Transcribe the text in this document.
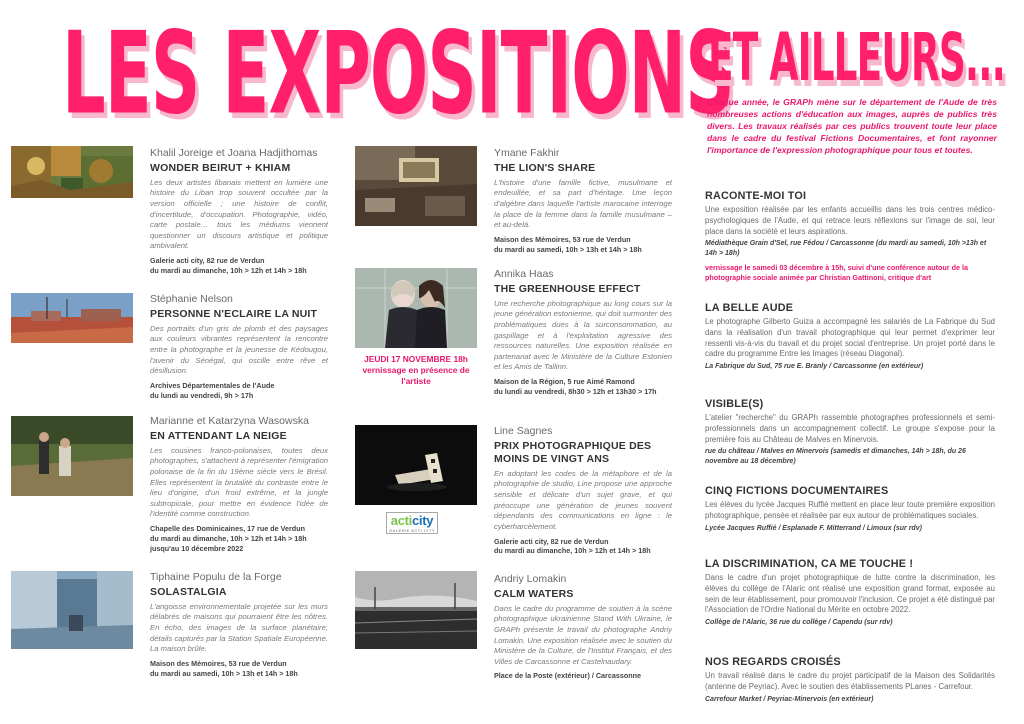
LES EXPOSITIONS
ET AILLEURS...
Chaque année, le GRAPh mène sur le département de l'Aude de très nombreuses actions d'éducation aux images, auprès de publics très divers. Les travaux réalisés par ces publics trouvent toute leur place dans le cadre du festival Fictions Documentaires, et font rayonner l'importance de l'expression photographique pour tous et toutes.
Khalil Joreige et Joana Hadjithomas
WONDER BEIRUT + KHIAM
Les deux artistes libanais mettent en lumière une histoire du Liban trop souvent occultée par la version officielle ; une histoire de conflit, d'incertitude, d'occupation. Photographie, vidéo, carte postale… tous les médiums viennent questionner un discours artistique et politique ambivalent.
Galerie acti city, 82 rue de Verdun
du mardi au dimanche, 10h > 12h et 14h > 18h
Stéphanie Nelson
PERSONNE N'ECLAIRE LA NUIT
Des portraits d'un gris de plomb et des paysages aux couleurs vibrantes représentent la rencontre entre la photographe et la jeunesse de Kédougou, l'avenir du Sénégal, qui oscille entre rêve et désillusion.
Archives Départementales de l'Aude
du lundi au vendredi, 9h > 17h
Marianne et Katarzyna Wasowska
EN ATTENDANT LA NEIGE
Les cousines franco-polonaises, toutes deux photographes, s'attachent à représenter l'émigration polonaise de la fin du 19ème siècle vers le Brésil. Elles représentent la brutalité du contraste entre le lieu d'origine, d'un froid extrême, et la jungle subtropicale, pour mettre en évidence l'idée de l'identité comme construction.
Chapelle des Dominicaines, 17 rue de Verdun
du mardi au dimanche, 10h > 12h et 14h > 18h
jusqu'au 10 décembre 2022
Tiphaine Populu de la Forge
SOLASTALGIA
L'angoisse environnementale projetée sur les murs délabrés de maisons qui pourraient être les nôtres. En écho, des images de la surface planétaire, détails capturés par la Station Spatiale Européenne. La maison brûle.
Maison des Mémoires, 53 rue de Verdun
du mardi au samedi, 10h > 13h et 14h > 18h
Ymane Fakhir
THE LION'S SHARE
L'histoire d'une famille fictive, musulmane et endeuillée, et sa part d'héritage. Une leçon d'algèbre dans laquelle l'artiste marocaine interroge la place de la femme dans la famille musulmane – et au-delà.
Maison des Mémoires, 53 rue de Verdun
du mardi au samedi, 10h > 13h et 14h > 18h
Annika Haas
THE GREENHOUSE EFFECT
Une recherche photographique au long cours sur la jeune génération estonienne, qui doit surmonter des problématiques dues à la surconsommation, au gaspillage et à l'exploitation agressive des ressources naturelles. Une exposition réalisée en partenariat avec le Ministère de la Culture Estonien et les Amis de Tallinn.
Maison de la Région, 5 rue Aimé Ramond
du lundi au vendredi, 8h30 > 12h et 13h30 > 17h
Line Sagnes
PRIX PHOTOGRAPHIQUE DES MOINS DE VINGT ANS
En adoptant les codes de la métaphore et de la photographie de studio, Line propose une approche sensible et délicate d'un sujet grave, et qui préoccupe une génération de jeunes souvent dépendants des communications en ligne : le cyberharcèlement.
Galerie acti city, 82 rue de Verdun
du mardi au dimanche, 10h > 12h et 14h > 18h
Andriy Lomakin
CALM WATERS
Dans le cadre du programme de soutien à la scène photographique ukrainienne Stand With Ukraine, le GRAPh présente le travail du photographe Andriy Lomakin. Une exposition réalisée avec le soutien du Ministère de la Culture, de l'Institut Français, et des Villes de Carcassonne et Castelnaudary.
Place de la Poste (extérieur) / Carcassonne
JEUDI 17 NOVEMBRE 18h
vernissage en présence de l'artiste
acticity
GALERIE ACTI CITY
RACONTE-MOI TOI
Une exposition réalisée par les enfants accueillis dans les trois centres médico-psychologiques de l'Aude, et qui retrace leurs réflexions sur l'image de soi, leur place dans la société et leurs aspirations.
Médiathèque Grain d'Sel, rue Fédou / Carcassonne (du mardi au samedi, 10h >13h et 14h > 18h)
vernissage le samedi 03 décembre à 15h, suivi d'une conférence autour de la photographie sociale animée par Christian Gattinoni, critique d'art
LA BELLE AUDE
Le photographe Gilberto Guiza a accompagné les salariés de La Fabrique du Sud dans la réalisation d'un travail photographique qui leur permet d'exprimer leur ressenti vis-à-vis du travail et du projet social d'entreprise. Un projet porté dans le cadre du programme Entre les Images (réseau Diagonal).
La Fabrique du Sud, 75 rue E. Branly / Carcassonne (en extérieur)
VISIBLE(S)
L'atelier "recherche" du GRAPh rassemble photographes professionnels et semi-professionnels dans un accompagnement collectif. Le groupe s'expose pour la première fois au Château de Malves en Minervois.
rue du château / Malves en Minervois (samedis et dimanches, 14h > 18h, du 26 novembre au 18 décembre)
CINQ FICTIONS DOCUMENTAIRES
Les élèves du lycée Jacques Ruffié mettent en place leur toute première exposition photographique, pensée et réalisée par eux autour de problématiques sociales.
Lycée Jacques Ruffié / Esplanade F. Mitterrand / Limoux (sur rdv)
LA DISCRIMINATION, CA ME TOUCHE !
Dans le cadre d'un projet photographique de lutte contre la discrimination, les élèves du collège de l'Alaric ont réalisé une exposition grand format, exposée au sein de leur établissement, pour promouvoir l'inclusion. Ce projet a été distingué par l'Association de l'Ordre National du Mérite en octobre 2022.
Collège de l'Alaric, 36 rue du collège / Capendu (sur rdv)
NOS REGARDS CROISÉS
Un travail réalisé dans le cadre du projet participatif de la Maison des Solidarités (antenne de Peyriac). Avec le soutien des établissements PLanes - Carrefour.
Carrefour Market / Peyriac-Minervois (en extérieur)
